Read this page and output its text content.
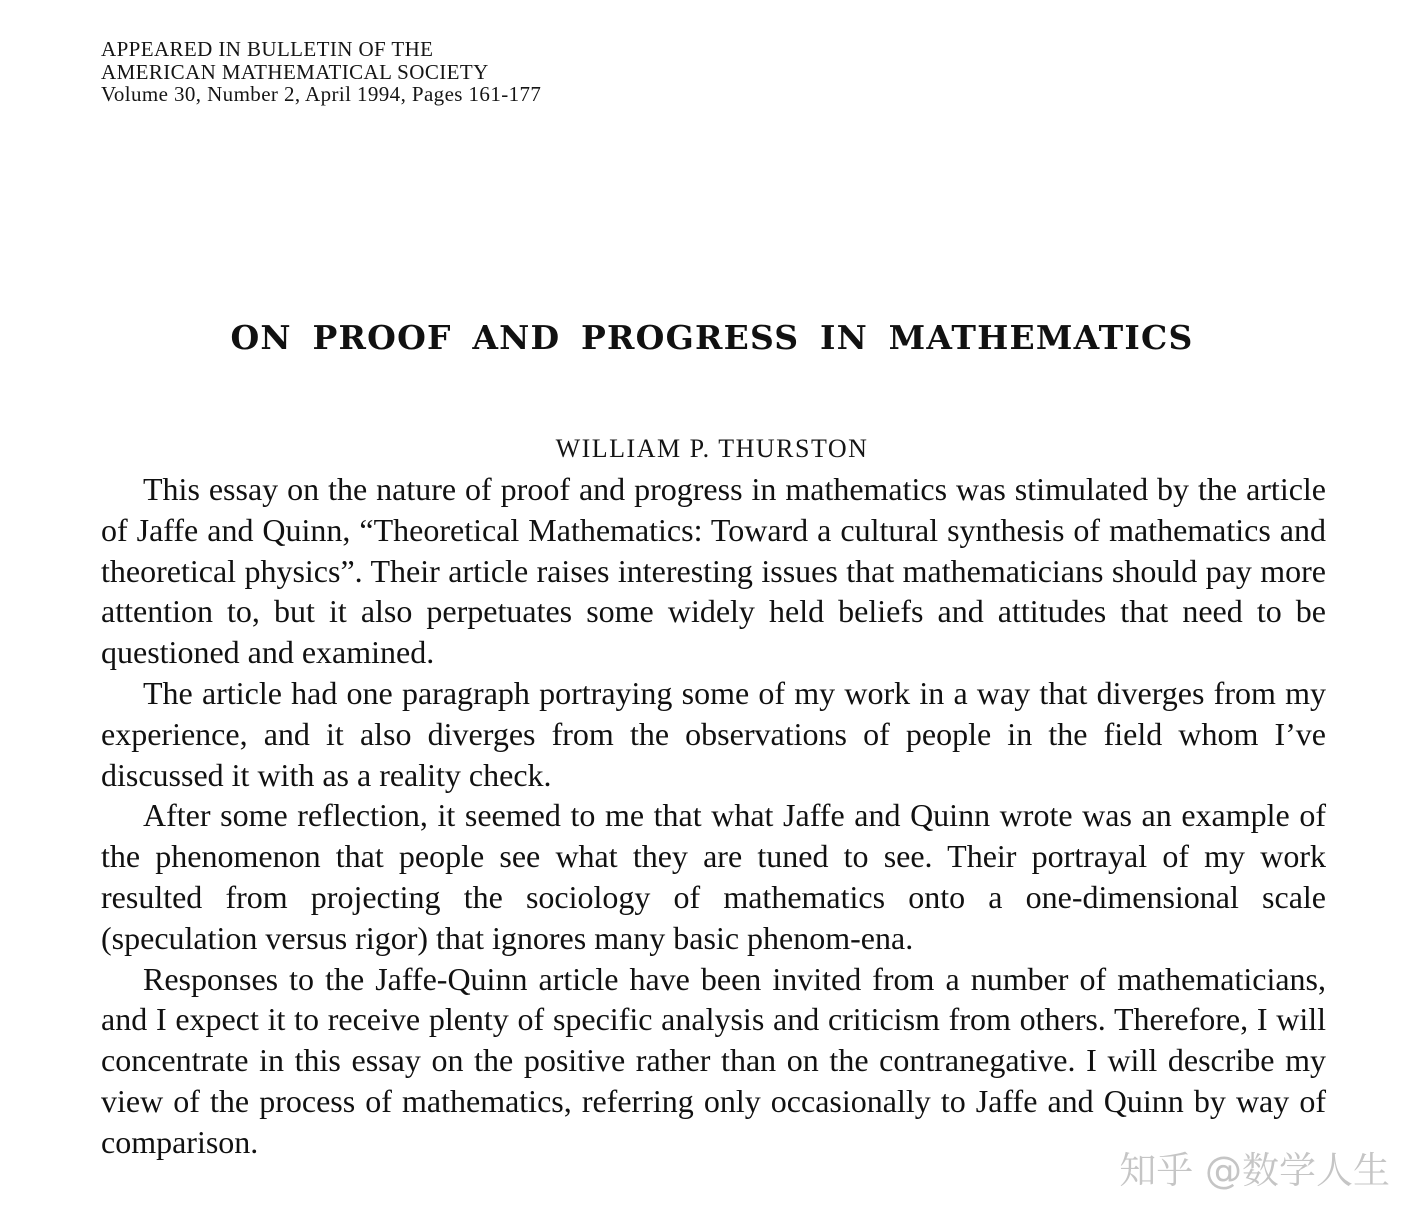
APPEARED IN BULLETIN OF THE
AMERICAN MATHEMATICAL SOCIETY
Volume 30, Number 2, April 1994, Pages 161-177
ON PROOF AND PROGRESS IN MATHEMATICS
WILLIAM P. THURSTON

This essay on the nature of proof and progress in mathematics was stimulated by the article of Jaffe and Quinn, “Theoretical Mathematics: Toward a cultural synthesis of mathematics and theoretical physics”. Their article raises interesting issues that mathematicians should pay more attention to, but it also perpetuates some widely held beliefs and attitudes that need to be questioned and examined.

The article had one paragraph portraying some of my work in a way that diverges from my experience, and it also diverges from the observations of people in the field whom I’ve discussed it with as a reality check.

After some reflection, it seemed to me that what Jaffe and Quinn wrote was an example of the phenomenon that people see what they are tuned to see. Their portrayal of my work resulted from projecting the sociology of mathematics onto a one-dimensional scale (speculation versus rigor) that ignores many basic phenom-ena.

Responses to the Jaffe-Quinn article have been invited from a number of mathematicians, and I expect it to receive plenty of specific analysis and criticism from others. Therefore, I will concentrate in this essay on the positive rather than on the contranegative. I will describe my view of the process of mathematics, referring only occasionally to Jaffe and Quinn by way of comparison.

知乎 @数学人生
